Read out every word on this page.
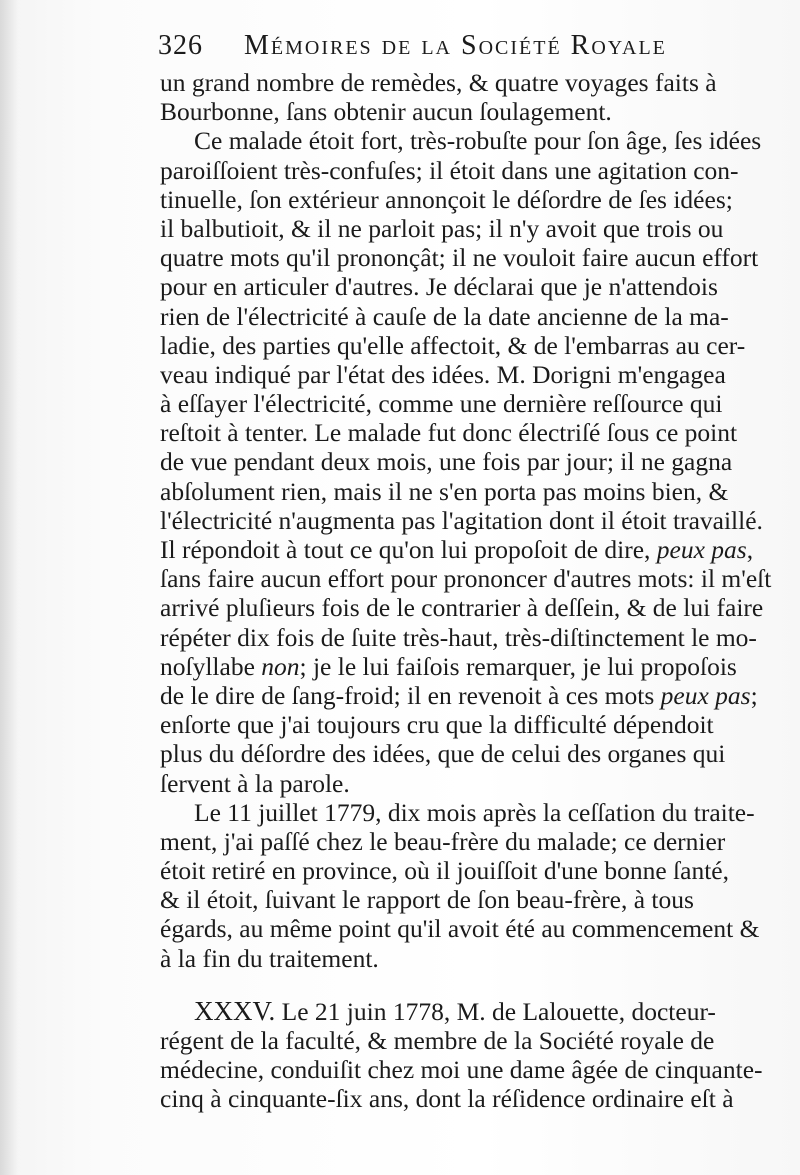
326 Mémoires de la Société Royale
un grand nombre de remèdes, & quatre voyages faits à
Bourbonne, ſans obtenir aucun ſoulagement.
Ce malade étoit fort, très-robuſte pour ſon âge, ſes idées
paroiſſoient très-confuſes; il étoit dans une agitation con-
tinuelle, ſon extérieur annonçoit le déſordre de ſes idées;
il balbutioit, & il ne parloit pas; il n'y avoit que trois ou
quatre mots qu'il prononçât; il ne vouloit faire aucun effort
pour en articuler d'autres. Je déclarai que je n'attendois
rien de l'électricité à cauſe de la date ancienne de la ma-
ladie, des parties qu'elle affectoit, & de l'embarras au cer-
veau indiqué par l'état des idées. M. Dorigni m'engagea
à eſſayer l'électricité, comme une dernière reſſource qui
reſtoit à tenter. Le malade fut donc électriſé ſous ce point
de vue pendant deux mois, une fois par jour; il ne gagna
abſolument rien, mais il ne s'en porta pas moins bien, &
l'électricité n'augmenta pas l'agitation dont il étoit travaillé.
Il répondoit à tout ce qu'on lui propoſoit de dire, peux pas,
ſans faire aucun effort pour prononcer d'autres mots: il m'eſt
arrivé pluſieurs fois de le contrarier à deſſein, & de lui faire
répéter dix fois de ſuite très-haut, très-diſtinctement le mo-
noſyllabe non; je le lui faiſois remarquer, je lui propoſois
de le dire de ſang-froid; il en revenoit à ces mots peux pas;
enſorte que j'ai toujours cru que la difficulté dépendoit
plus du déſordre des idées, que de celui des organes qui
ſervent à la parole.
Le 11 juillet 1779, dix mois après la ceſſation du traite-
ment, j'ai paſſé chez le beau-frère du malade; ce dernier
étoit retiré en province, où il jouiſſoit d'une bonne ſanté,
& il étoit, ſuivant le rapport de ſon beau-frère, à tous
égards, au même point qu'il avoit été au commencement &
à la fin du traitement.
XXXV. Le 21 juin 1778, M. de Lalouette, docteur-
régent de la faculté, & membre de la Société royale de
médecine, conduiſit chez moi une dame âgée de cinquante-
cinq à cinquante-ſix ans, dont la réſidence ordinaire eſt à
